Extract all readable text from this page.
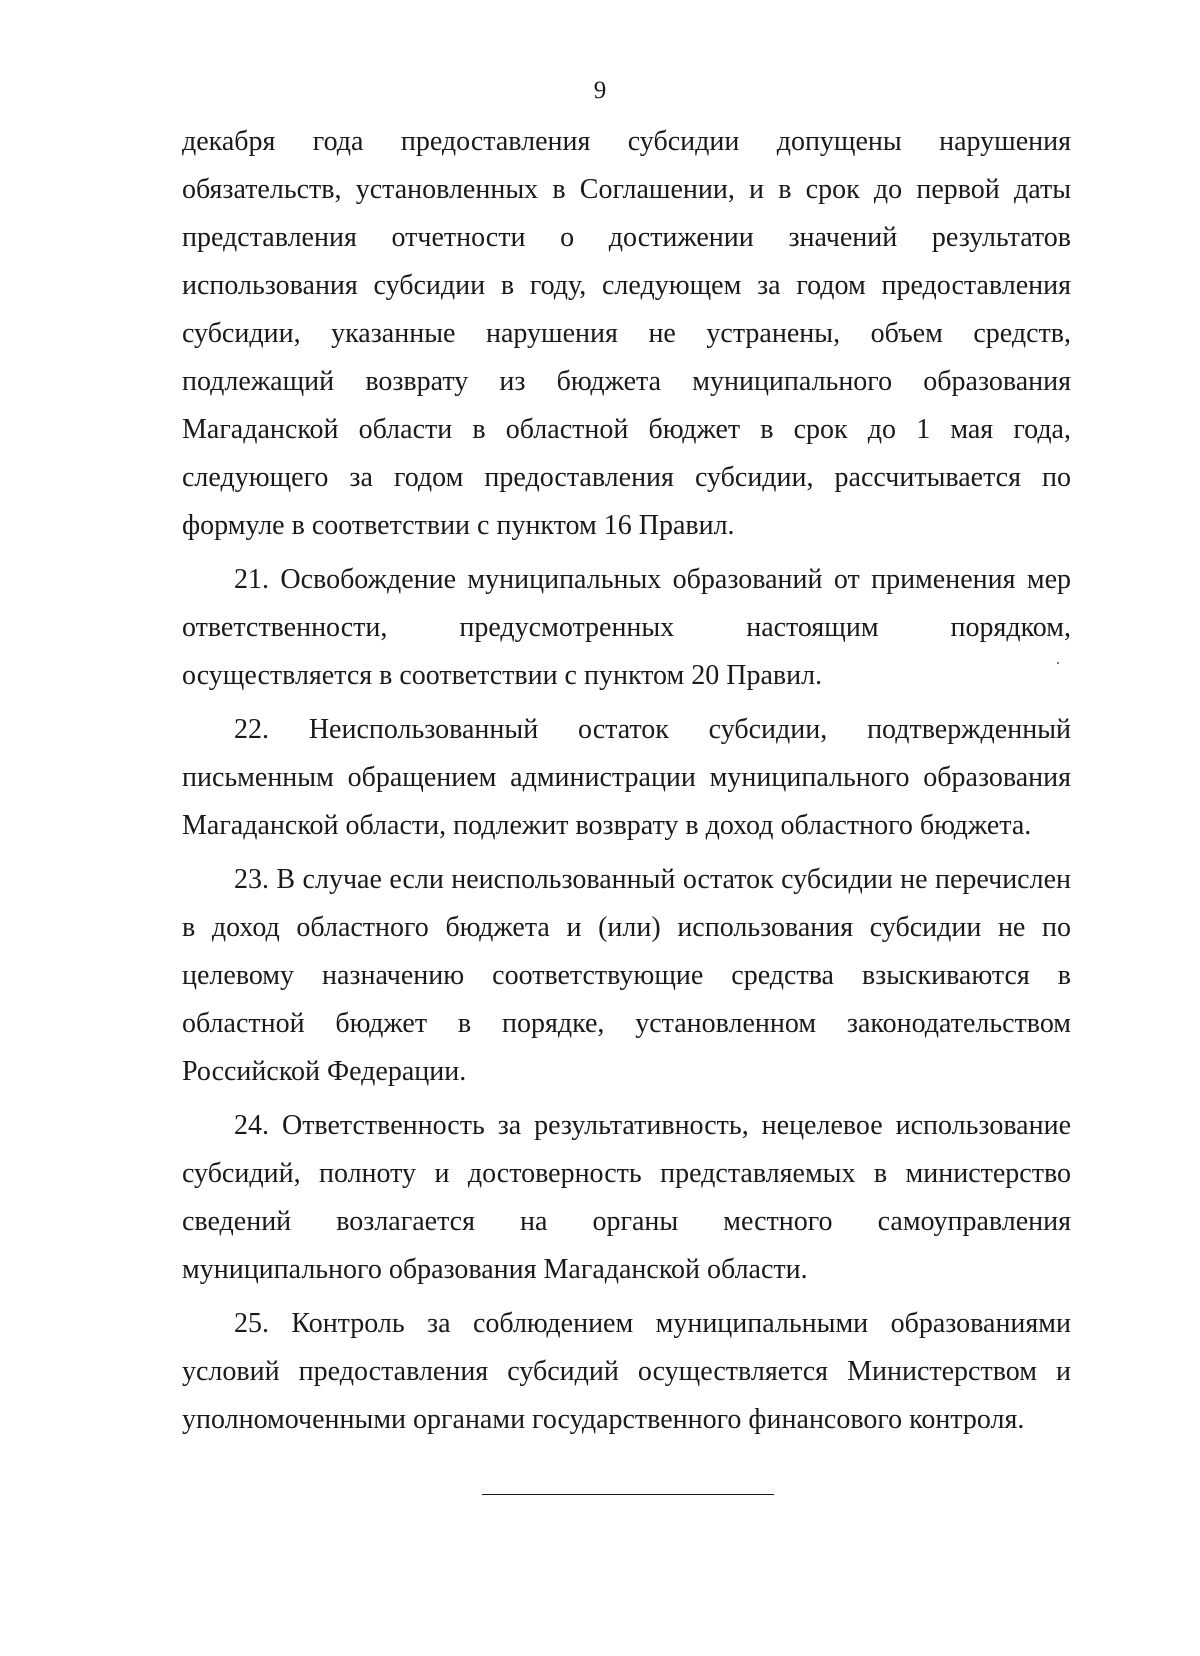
9

декабря года предоставления субсидии допущены нарушения обязательств, установленных в Соглашении, и в срок до первой даты представления отчетности о достижении значений результатов использования субсидии в году, следующем за годом предоставления субсидии, указанные нарушения не устранены, объем средств, подлежащий возврату из бюджета муниципального образования Магаданской области в областной бюджет в срок до 1 мая года, следующего за годом предоставления субсидии, рассчитывается по формуле в соответствии с пунктом 16 Правил.

21. Освобождение муниципальных образований от применения мер ответственности, предусмотренных настоящим порядком, осуществляется в соответствии с пунктом 20 Правил.

22. Неиспользованный остаток субсидии, подтвержденный письменным обращением администрации муниципального образования Магаданской области, подлежит возврату в доход областного бюджета.

23. В случае если неиспользованный остаток субсидии не перечислен в доход областного бюджета и (или) использования субсидии не по целевому назначению соответствующие средства взыскиваются в областной бюджет в порядке, установленном законодательством Российской Федерации.

24. Ответственность за результативность, нецелевое использование субсидий, полноту и достоверность представляемых в министерство сведений возлагается на органы местного самоуправления муниципального образования Магаданской области.

25. Контроль за соблюдением муниципальными образованиями условий предоставления субсидий осуществляется Министерством и уполномоченными органами государственного финансового контроля.
